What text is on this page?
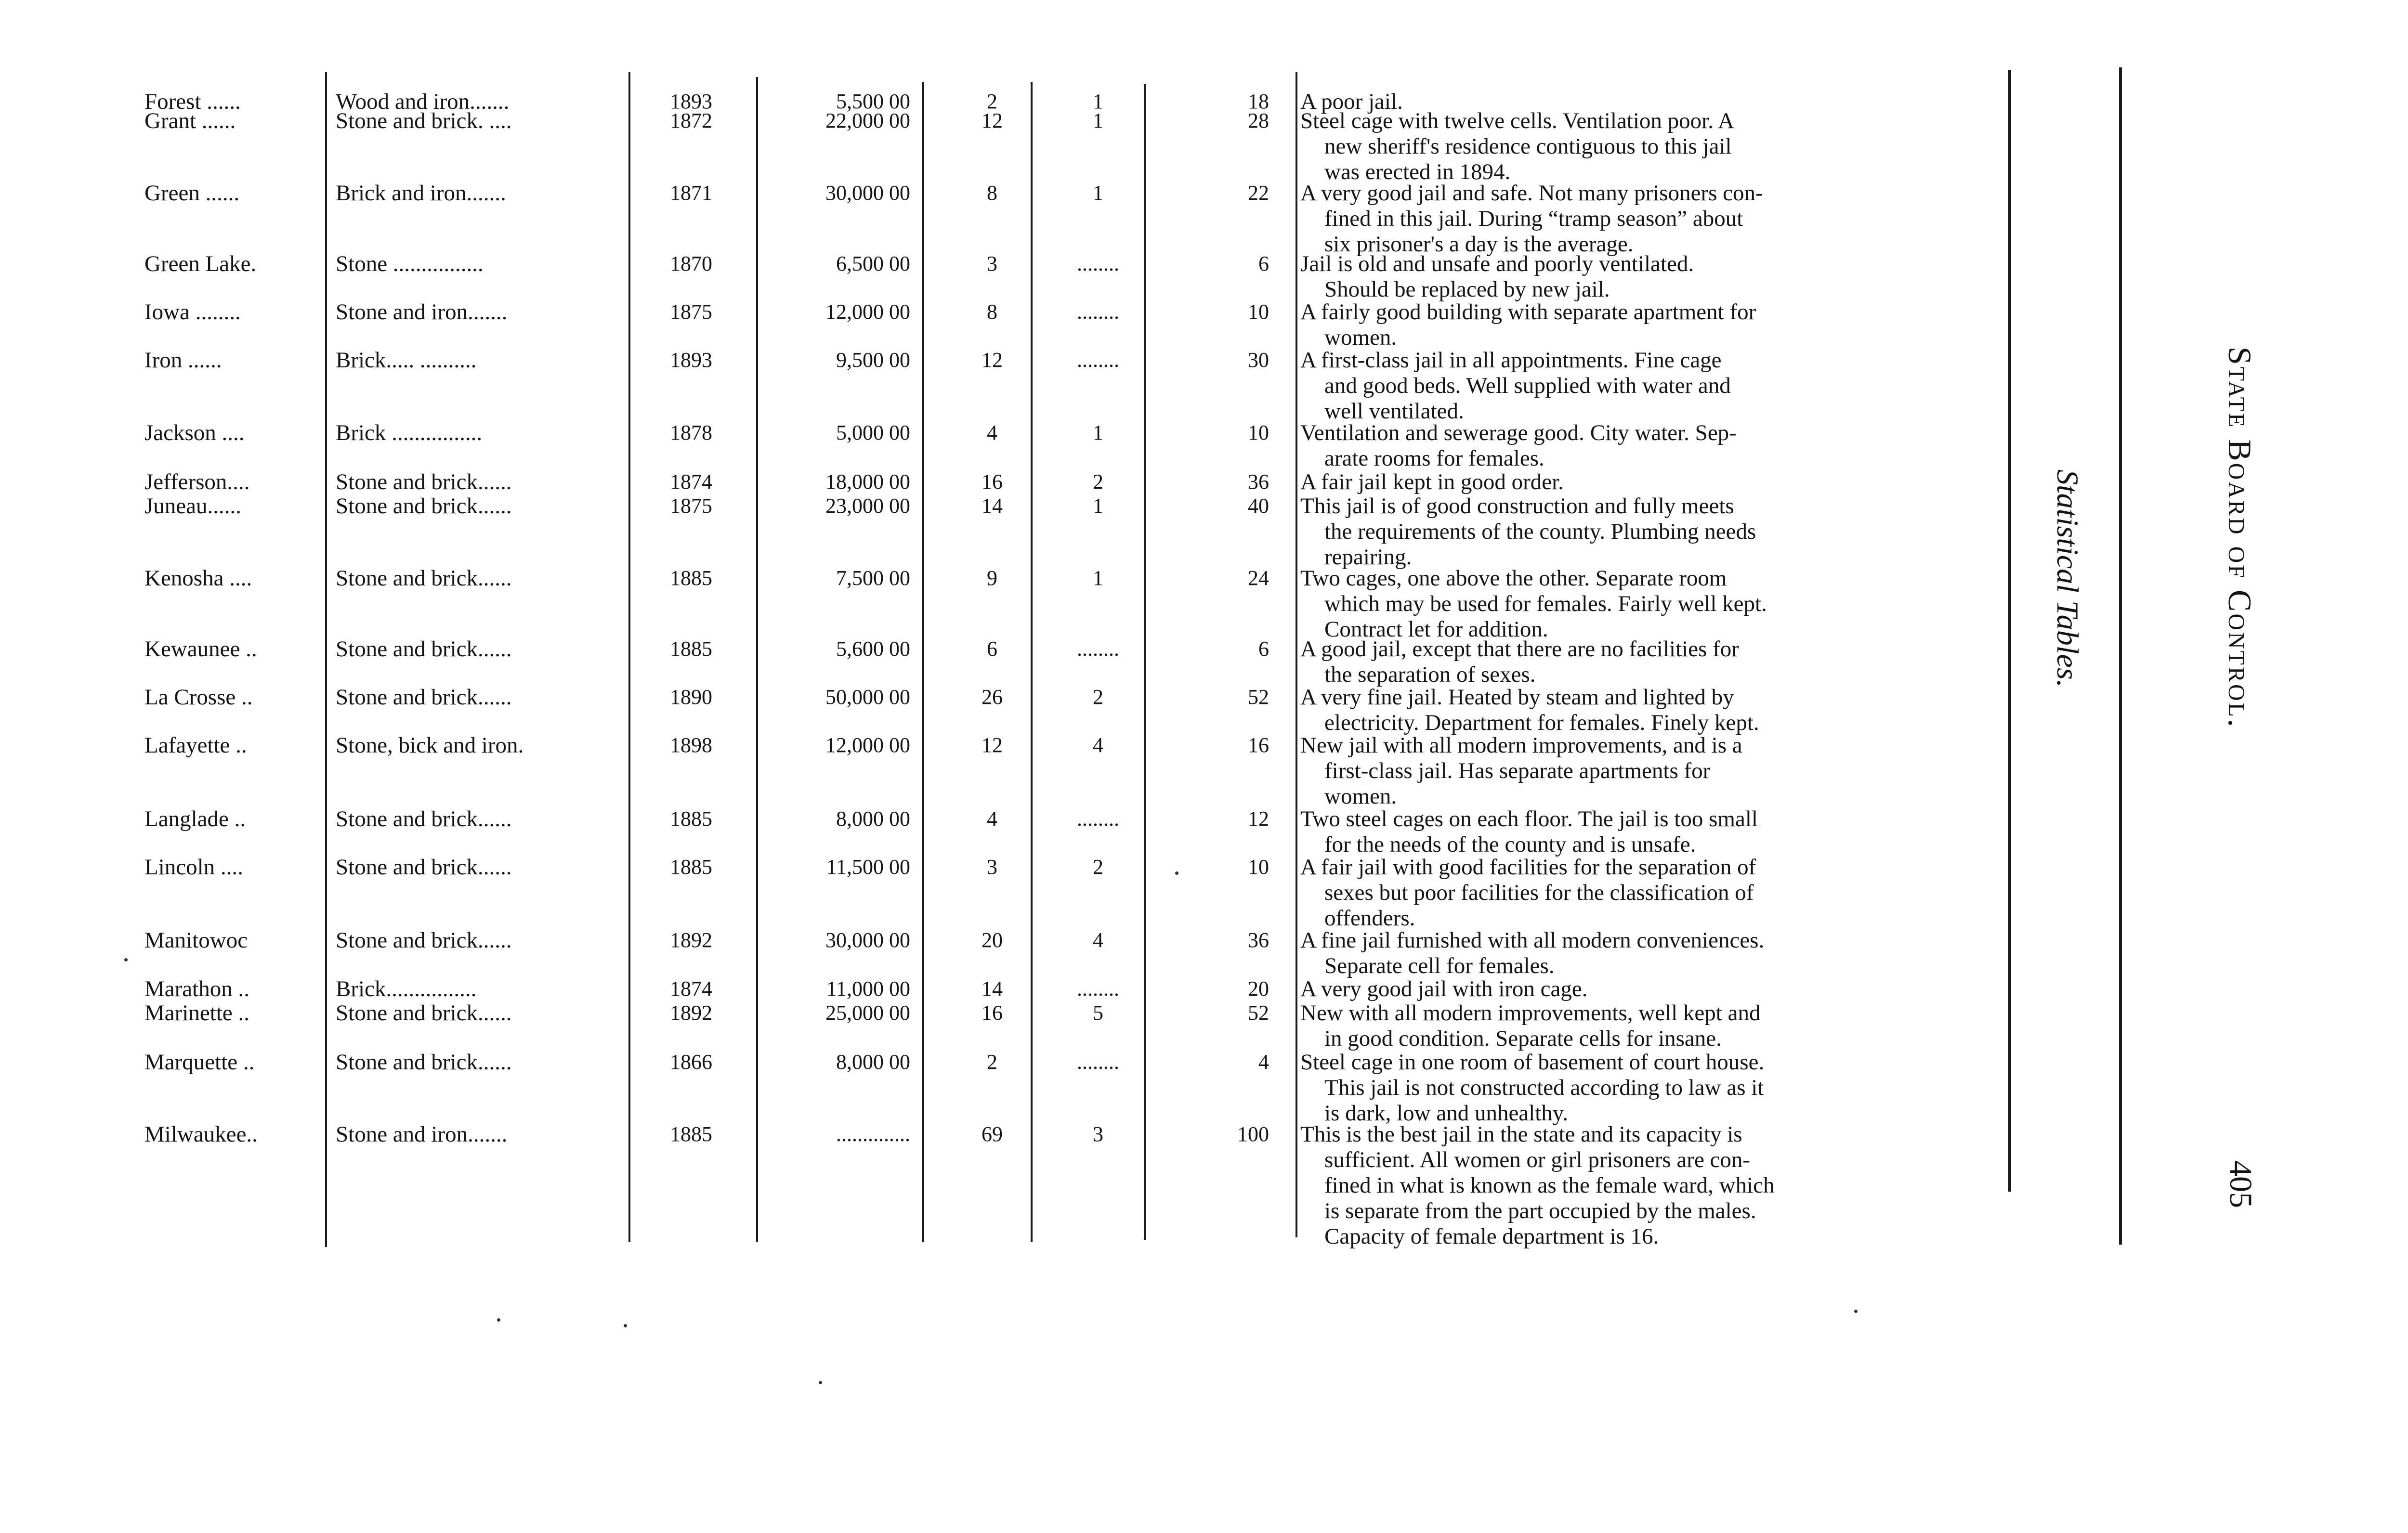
Forest ......	Wood and iron.......	1893	5,500 00	2	1	18 A poor jail.
Grant ......	Stone and brick. ....	1872	22,000 00	12	1	28 Steel cage with twelve cells. Ventilation poor. A
new sheriff's residence contiguous to this jail
was erected in 1894.
Green ......	Brick and iron.......	1871	30,000 00	8	1	22 A very good jail and safe. Not many prisoners con-
fined in this jail. During “tramp season” about
six prisoner's a day is the average.
Green Lake.	Stone ................	1870	6,500 00	3	........	6 Jail is old and unsafe and poorly ventilated.
Should be replaced by new jail.
Iowa ........	Stone and iron.......	1875	12,000 00	8	........	10 A fairly good building with separate apartment for
women.
Iron ......	Brick..... ..........	1893	9,500 00	12	........	30 A first-class jail in all appointments. Fine cage
and good beds. Well supplied with water and
well ventilated.
Jackson ....	Brick ................	1878	5,000 00	4	1	10 Ventilation and sewerage good. City water. Sep-
arate rooms for females.
Jefferson....	Stone and brick......	1874	18,000 00	16	2	36 A fair jail kept in good order.
Juneau......	Stone and brick......	1875	23,000 00	14	1	40 This jail is of good construction and fully meets
the requirements of the county. Plumbing needs
repairing.
Kenosha ....	Stone and brick......	1885	7,500 00	9	1	24 Two cages, one above the other. Separate room
which may be used for females. Fairly well kept.
Contract let for addition.
Kewaunee ..	Stone and brick......	1885	5,600 00	6	........	6 A good jail, except that there are no facilities for
the separation of sexes.
La Crosse ..	Stone and brick......	1890	50,000 00	26	2	52 A very fine jail. Heated by steam and lighted by
electricity. Department for females. Finely kept.
Lafayette ..	Stone, bick and iron.	1898	12,000 00	12	4	16 New jail with all modern improvements, and is a
first-class jail. Has separate apartments for
women.
Langlade ..	Stone and brick......	1885	8,000 00	4	........	12 Two steel cages on each floor. The jail is too small
for the needs of the county and is unsafe.
Lincoln ....	Stone and brick......	1885	11,500 00	3	2	10 A fair jail with good facilities for the separation of
sexes but poor facilities for the classification of
offenders.
Manitowoc	Stone and brick......	1892	30,000 00	20	4	36 A fine jail furnished with all modern conveniences.
Separate cell for females.
Marathon ..	Brick................	1874	11,000 00	14	........	20 A very good jail with iron cage.
Marinette ..	Stone and brick......	1892	25,000 00	16	5	52 New with all modern improvements, well kept and
in good condition. Separate cells for insane.
Marquette ..	Stone and brick......	1866	8,000 00	2	........	4 Steel cage in one room of basement of court house.
This jail is not constructed according to law as it
is dark, low and unhealthy.
Milwaukee..	Stone and iron.......	1885	..............	69	3	100 This is the best jail in the state and its capacity is
sufficient. All women or girl prisoners are con-
fined in what is known as the female ward, which
is separate from the part occupied by the males.
Capacity of female department is 16.
State Board of Control.
Statistical Tables.
405
